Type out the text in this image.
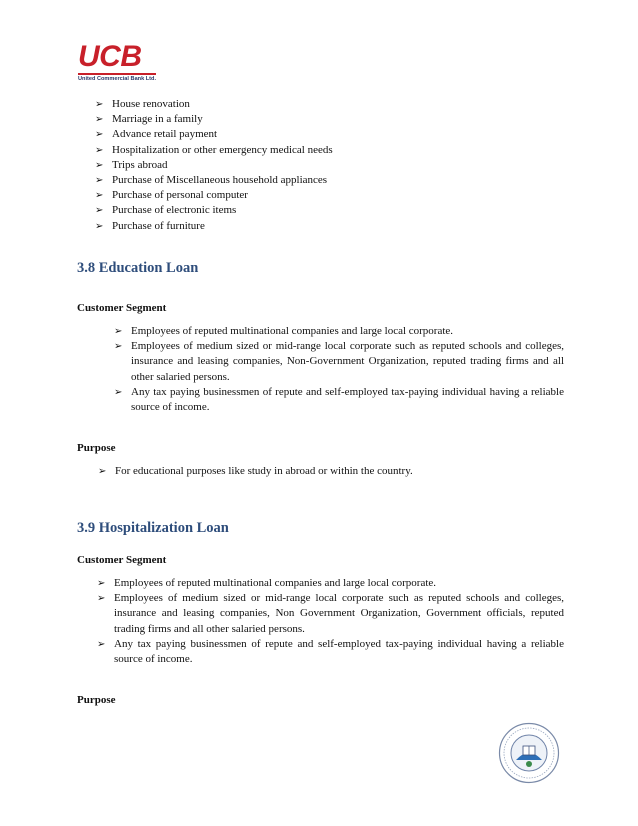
UCB
United Commercial Bank Ltd.
➢ House renovation
➢ Marriage in a family
➢ Advance retail payment
➢ Hospitalization or other emergency medical needs
➢ Trips abroad
➢ Purchase of Miscellaneous household appliances
➢ Purchase of personal computer
➢ Purchase of electronic items
➢ Purchase of furniture
3.8 Education Loan
Customer Segment
➢ Employees of reputed multinational companies and large local corporate.
➢ Employees of medium sized or mid-range local corporate such as reputed schools and colleges, insurance and leasing companies, Non-Government Organization, reputed trading firms and all other salaried persons.
➢ Any tax paying businessmen of repute and self-employed tax-paying individual having a reliable source of income.
Purpose
➢ For educational purposes like study in abroad or within the country.
3.9 Hospitalization Loan
Customer Segment
➢ Employees of reputed multinational companies and large local corporate.
➢ Employees of medium sized or mid-range local corporate such as reputed schools and colleges, insurance and leasing companies, Non Government Organization, Government officials, reputed trading firms and all other salaried persons.
➢ Any tax paying businessmen of repute and self-employed tax-paying individual having a reliable source of income.
Purpose
